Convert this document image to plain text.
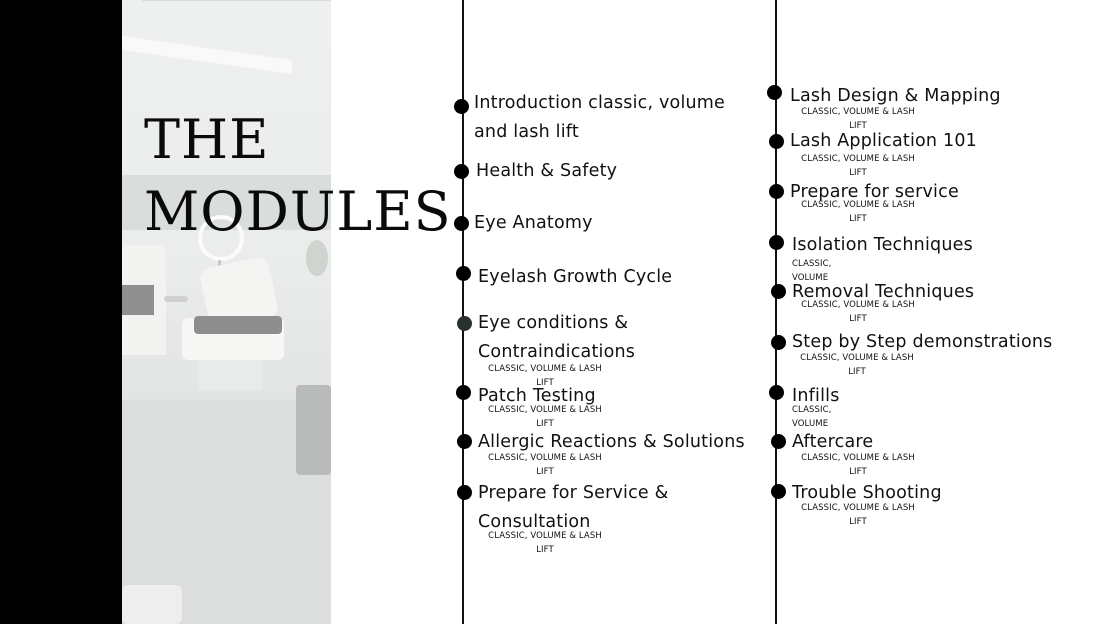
THE
MODULES
Introduction classic, volume
and lash lift
Health & Safety
Eye Anatomy
Eyelash Growth Cycle
Eye conditions &
Contraindications
CLASSIC, VOLUME & LASH
LIFT
Patch Testing
CLASSIC, VOLUME & LASH
LIFT
Allergic Reactions & Solutions
CLASSIC, VOLUME & LASH
LIFT
Prepare for Service &
Consultation
CLASSIC, VOLUME & LASH
LIFT
Lash Design & Mapping
CLASSIC, VOLUME & LASH
LIFT
Lash Application 101
CLASSIC, VOLUME & LASH
LIFT
Prepare for service
CLASSIC, VOLUME & LASH
LIFT
Isolation Techniques
CLASSIC, VOLUME
Removal Techniques
CLASSIC, VOLUME & LASH
LIFT
Step by Step demonstrations
CLASSIC, VOLUME & LASH
LIFT
Infills
CLASSIC, VOLUME
Aftercare
CLASSIC, VOLUME & LASH
LIFT
Trouble Shooting
CLASSIC, VOLUME & LASH
LIFT
